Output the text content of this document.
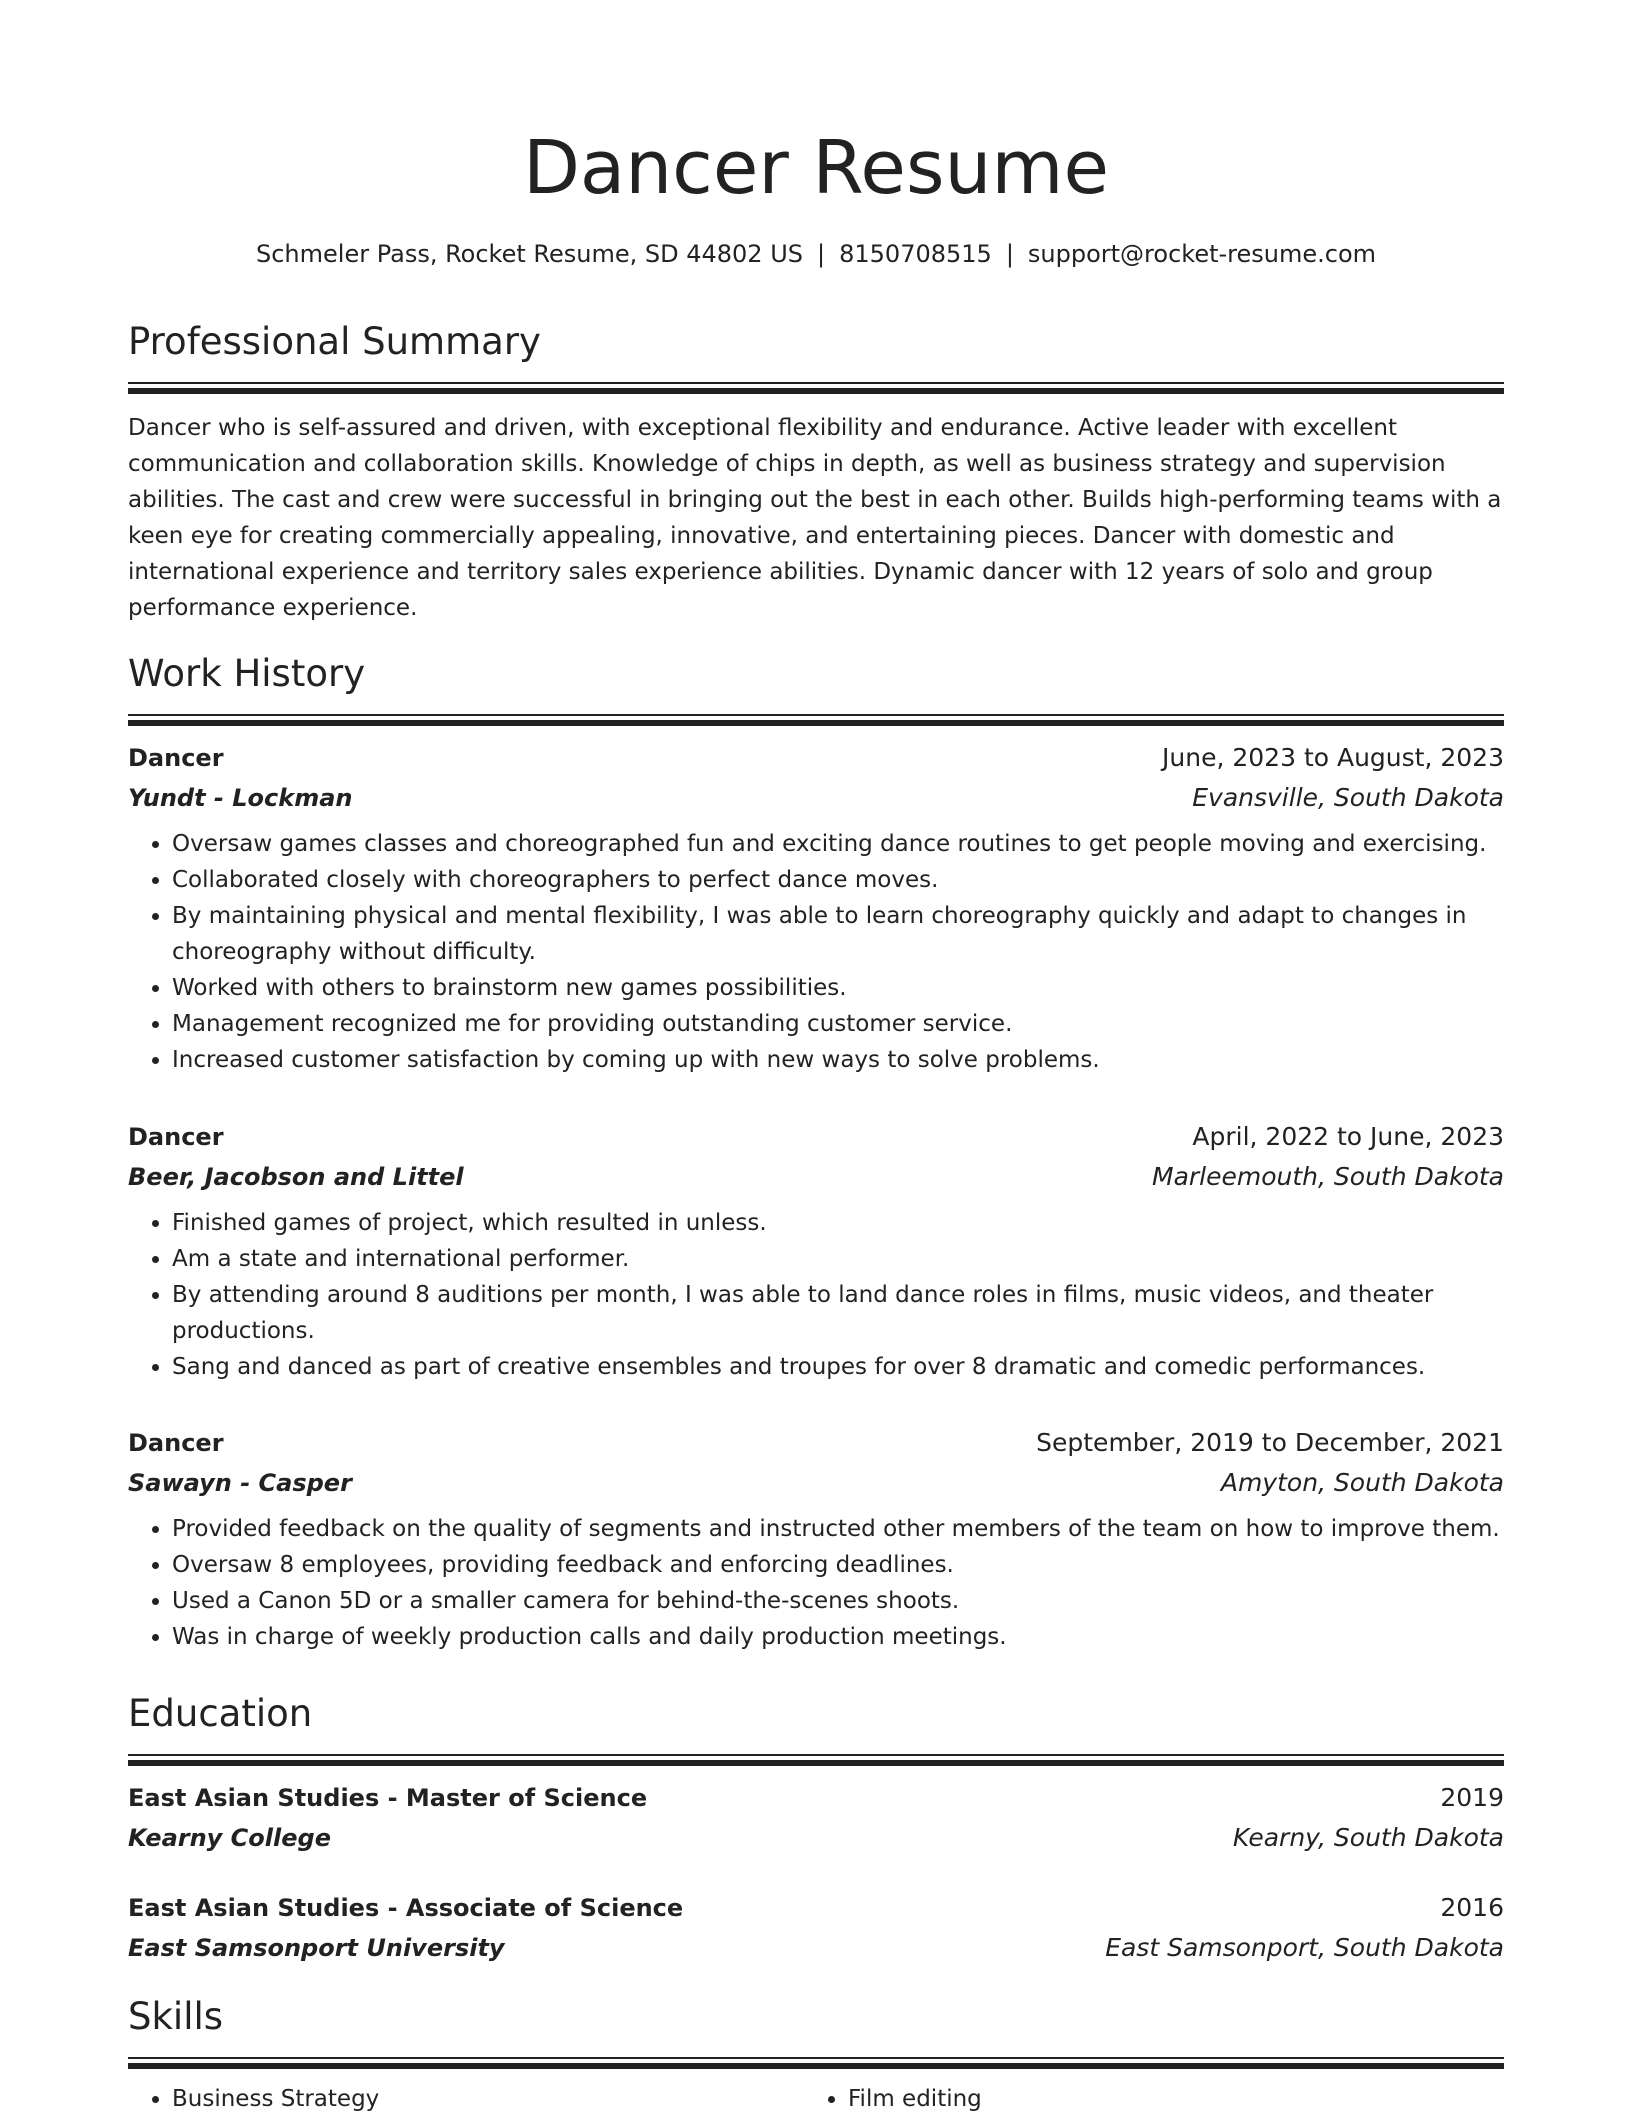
Dancer Resume
Schmeler Pass, Rocket Resume, SD 44802 US | 8150708515 | support@rocket-resume.com
Professional Summary
Dancer who is self-assured and driven, with exceptional flexibility and endurance. Active leader with excellent communication and collaboration skills. Knowledge of chips in depth, as well as business strategy and supervision abilities. The cast and crew were successful in bringing out the best in each other. Builds high-performing teams with a keen eye for creating commercially appealing, innovative, and entertaining pieces. Dancer with domestic and international experience and territory sales experience abilities. Dynamic dancer with 12 years of solo and group performance experience.
Work History
Dancer	June, 2023 to August, 2023
Yundt - Lockman	Evansville, South Dakota
• Oversaw games classes and choreographed fun and exciting dance routines to get people moving and exercising.
• Collaborated closely with choreographers to perfect dance moves.
• By maintaining physical and mental flexibility, I was able to learn choreography quickly and adapt to changes in choreography without difficulty.
• Worked with others to brainstorm new games possibilities.
• Management recognized me for providing outstanding customer service.
• Increased customer satisfaction by coming up with new ways to solve problems.
Dancer	April, 2022 to June, 2023
Beer, Jacobson and Littel	Marleemouth, South Dakota
• Finished games of project, which resulted in unless.
• Am a state and international performer.
• By attending around 8 auditions per month, I was able to land dance roles in films, music videos, and theater productions.
• Sang and danced as part of creative ensembles and troupes for over 8 dramatic and comedic performances.
Dancer	September, 2019 to December, 2021
Sawayn - Casper	Amyton, South Dakota
• Provided feedback on the quality of segments and instructed other members of the team on how to improve them.
• Oversaw 8 employees, providing feedback and enforcing deadlines.
• Used a Canon 5D or a smaller camera for behind-the-scenes shoots.
• Was in charge of weekly production calls and daily production meetings.
Education
East Asian Studies - Master of Science	2019
Kearny College	Kearny, South Dakota
East Asian Studies - Associate of Science	2016
East Samsonport University	East Samsonport, South Dakota
Skills
• Business Strategy
•	Film editing
